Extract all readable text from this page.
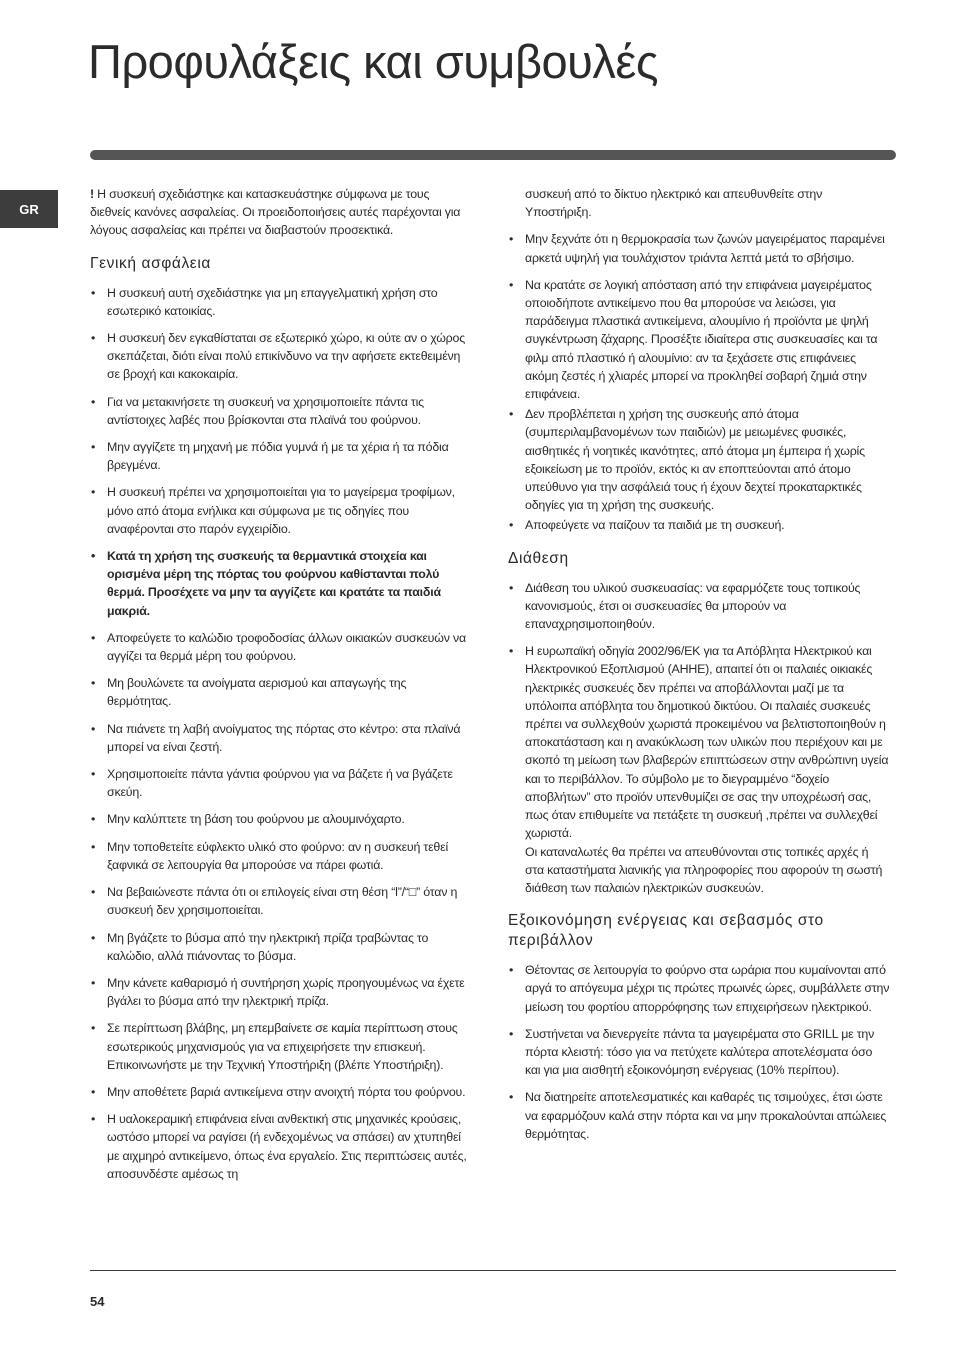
Προφυλάξεις και συμβουλές
GR

! Η συσκευή σχεδιάστηκε και κατασκευάστηκε σύμφωνα με τους διεθνείς κανόνες ασφαλείας. Οι προειδοποιήσεις αυτές παρέχονται για λόγους ασφαλείας και πρέπει να διαβαστούν προσεκτικά.

Γενική ασφάλεια
• Η συσκευή αυτή σχεδιάστηκε για μη επαγγελματική χρήση στο εσωτερικό κατοικίας.
• Η συσκευή δεν εγκαθίσταται σε εξωτερικό χώρο, κι ούτε αν ο χώρος σκεπάζεται, διότι είναι πολύ επικίνδυνο να την αφήσετε εκτεθειμένη σε βροχή και κακοκαιρία.
• Για να μετακινήσετε τη συσκευή να χρησιμοποιείτε πάντα τις αντίστοιχες λαβές που βρίσκονται στα πλαϊνά του φούρνου.
• Μην αγγίζετε τη μηχανή με πόδια γυμνά ή με τα χέρια ή τα πόδια βρεγμένα.
• Η συσκευή πρέπει να χρησιμοποιείται για το μαγείρεμα τροφίμων, μόνο από άτομα ενήλικα και σύμφωνα με τις οδηγίες που αναφέρονται στο παρόν εγχειρίδιο.
• Κατά τη χρήση της συσκευής τα θερμαντικά στοιχεία και ορισμένα μέρη της πόρτας του φούρνου καθίστανται πολύ θερμά. Προσέχετε να μην τα αγγίζετε και κρατάτε τα παιδιά μακριά.
• Αποφεύγετε το καλώδιο τροφοδοσίας άλλων οικιακών συσκευών να αγγίζει τα θερμά μέρη του φούρνου.
• Μη βουλώνετε τα ανοίγματα αερισμού και απαγωγής της θερμότητας.
• Να πιάνετε τη λαβή ανοίγματος της πόρτας στο κέντρο: στα πλαϊνά μπορεί να είναι ζεστή.
• Χρησιμοποιείτε πάντα γάντια φούρνου για να βάζετε ή να βγάζετε σκεύη.
• Μην καλύπτετε τη βάση του φούρνου με αλουμινόχαρτο.
• Μην τοποθετείτε εύφλεκτο υλικό στο φούρνο: αν η συσκευή τεθεί ξαφνικά σε λειτουργία θα μπορούσε να πάρει φωτιά.
• Να βεβαιώνεστε πάντα ότι οι επιλογείς είναι στη θέση “l”/“□” όταν η συσκευή δεν χρησιμοποιείται.
• Μη βγάζετε το βύσμα από την ηλεκτρική πρίζα τραβώντας το καλώδιο, αλλά πιάνοντας το βύσμα.
• Μην κάνετε καθαρισμό ή συντήρηση χωρίς προηγουμένως να έχετε βγάλει το βύσμα από την ηλεκτρική πρίζα.
• Σε περίπτωση βλάβης, μη επεμβαίνετε σε καμία περίπτωση στους εσωτερικούς μηχανισμούς για να επιχειρήσετε την επισκευή. Επικοινωνήστε με την Τεχνική Υποστήριξη (βλέπε Υποστήριξη).
• Μην αποθέτετε βαριά αντικείμενα στην ανοιχτή πόρτα του φούρνου.
• Η υαλοκεραμική επιφάνεια είναι ανθεκτική στις μηχανικές κρούσεις, ωστόσο μπορεί να ραγίσει (ή ενδεχομένως να σπάσει) αν χτυπηθεί με αιχμηρό αντικείμενο, όπως ένα εργαλείο. Στις περιπτώσεις αυτές, αποσυνδέστε αμέσως τη
συσκευή από το δίκτυο ηλεκτρικό και απευθυνθείτε στην Υποστήριξη.
• Μην ξεχνάτε ότι η θερμοκρασία των ζωνών μαγειρέματος παραμένει αρκετά υψηλή για τουλάχιστον τριάντα λεπτά μετά το σβήσιμο.
• Να κρατάτε σε λογική απόσταση από την επιφάνεια μαγειρέματος οποιοδήποτε αντικείμενο που θα μπορούσε να λειώσει, για παράδειγμα πλαστικά αντικείμενα, αλουμίνιο ή προϊόντα με ψηλή συγκέντρωση ζάχαρης. Προσέξτε ιδιαίτερα στις συσκευασίες και τα φιλμ από πλαστικό ή αλουμίνιο: αν τα ξεχάσετε στις επιφάνειες ακόμη ζεστές ή χλιαρές μπορεί να προκληθεί σοβαρή ζημιά στην επιφάνεια.
• Δεν προβλέπεται η χρήση της συσκευής από άτομα (συμπεριλαμβανομένων των παιδιών) με μειωμένες φυσικές, αισθητικές ή νοητικές ικανότητες, από άτομα μη έμπειρα ή χωρίς εξοικείωση με το προϊόν, εκτός κι αν εποπτεύονται από άτομο υπεύθυνο για την ασφάλειά τους ή έχουν δεχτεί προκαταρκτικές οδηγίες για τη χρήση της συσκευής.
• Αποφεύγετε να παίζουν τα παιδιά με τη συσκευή.
Διάθεση
• Διάθεση του υλικού συσκευασίας: να εφαρμόζετε τους τοπικούς κανονισμούς, έτσι οι συσκευασίες θα μπορούν να επαναχρησιμοποιηθούν.
• Η ευρωπαϊκή οδηγία 2002/96/ΕΚ για τα Απόβλητα Ηλεκτρικού και Ηλεκτρονικού Εξοπλισμού (ΑΗΗΕ), απαιτεί ότι οι παλαιές οικιακές ηλεκτρικές συσκευές δεν πρέπει να αποβάλλονται μαζί με τα υπόλοιπα απόβλητα του δημοτικού δικτύου. Οι παλαιές συσκευές πρέπει να συλλεχθούν χωριστά προκειμένου να βελτιστοποιηθούν η αποκατάσταση και η ανακύκλωση των υλικών που περιέχουν και με σκοπό τη μείωση των βλαβερών επιπτώσεων στην ανθρώπινη υγεία και το περιβάλλον. Το σύμβολο με το διεγραμμένο “δοχείο αποβλήτων” στο προϊόν υπενθυμίζει σε σας την υποχρέωσή σας, πως όταν επιθυμείτε να πετάξετε τη συσκευή ,πρέπει να συλλεχθεί χωριστά.
Οι καταναλωτές θα πρέπει να απευθύνονται στις τοπικές αρχές ή στα καταστήματα λιανικής για πληροφορίες που αφορούν τη σωστή διάθεση των παλαιών ηλεκτρικών συσκευών.
Εξοικονόμηση ενέργειας και σεβασμός στο περιβάλλον
• Θέτοντας σε λειτουργία το φούρνο στα ωράρια που κυμαίνονται από αργά το απόγευμα μέχρι τις πρώτες πρωινές ώρες, συμβάλλετε στην μείωση του φορτίου απορρόφησης των επιχειρήσεων ηλεκτρικού.
• Συστήνεται να διενεργείτε πάντα τα μαγειρέματα στο GRILL με την πόρτα κλειστή: τόσο για να πετύχετε καλύτερα αποτελέσματα όσο και για μια αισθητή εξοικονόμηση ενέργειας (10% περίπου).
• Να διατηρείτε αποτελεσματικές και καθαρές τις τσιμούχες, έτσι ώστε να εφαρμόζουν καλά στην πόρτα και να μην προκαλούνται απώλειες θερμότητας.
54
